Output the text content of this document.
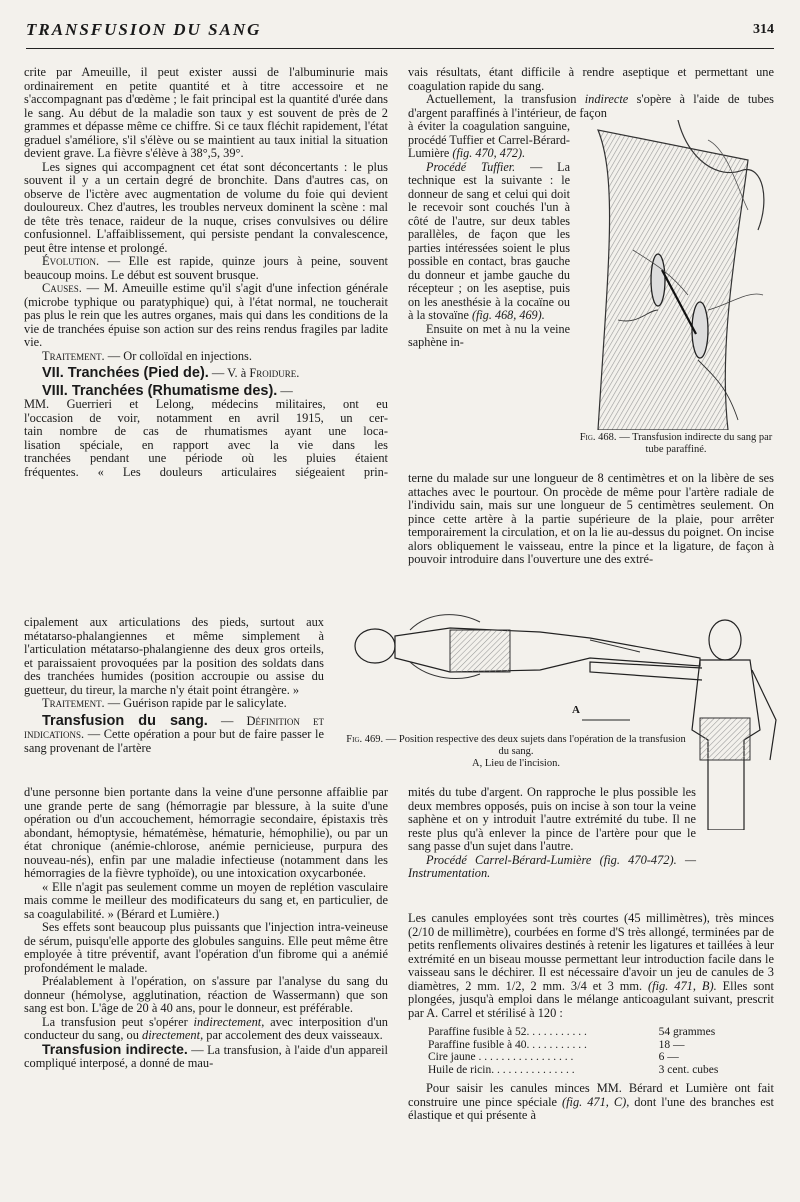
TRANSFUSION DU SANG	314

crite par Ameuille, il peut exister aussi de l'albuminurie mais ordinairement en petite quantité et à titre accessoire et ne s'accompagnant pas d'œdème ; le fait principal est la quantité d'urée dans le sang. Au début de la maladie son taux y est souvent de près de 2 grammes et dépasse même ce chiffre. Si ce taux fléchit rapidement, l'état graduel s'améliore, s'il s'élève ou se maintient au taux initial la situation devient grave. La fièvre s'élève à 38°,5, 39°.

Les signes qui accompagnent cet état sont déconcertants : le plus souvent il y a un certain degré de bronchite. Dans d'autres cas, on observe de l'ictère avec augmentation de volume du foie qui devient douloureux. Chez d'autres, les troubles nerveux dominent la scène : mal de tête très tenace, raideur de la nuque, crises convulsives ou délire confusionnel. L'affaiblissement, qui persiste pendant la convalescence, peut être intense et prolongé.

Évolution. — Elle est rapide, quinze jours à peine, souvent beaucoup moins. Le début est souvent brusque.

Causes. — M. Ameuille estime qu'il s'agit d'une infection générale (microbe typhique ou paratyphique) qui, à l'état normal, ne toucherait pas plus le rein que les autres organes, mais qui dans les conditions de la vie de tranchées épuise son action sur des reins rendus fragiles par ladite vie.

Traitement. — Or colloïdal en injections.

VII. Tranchées (Pied de). — V. à Froidure.

VIII. Tranchées (Rhumatisme des). —

MM. Guerrieri et Lelong, médecins militaires, ont eu
l'occasion de voir, notamment en avril 1915, un cer-
tain nombre de cas de rhumatismes ayant une loca-
lisation spéciale, en rapport avec la vie dans les
tranchées pendant une période où les pluies étaient
fréquentes. « Les douleurs articulaires siégeaient prin-

cipalement aux articulations des pieds, surtout aux métatarso-phalangiennes et même simplement à l'articulation métatarso-phalangienne des deux gros orteils, et paraissaient provoquées par la position des soldats dans des tranchées humides (position accroupie ou assise du guetteur, du tireur, la marche n'y était point étrangère. »

Traitement. — Guérison rapide par le salicylate.

Transfusion du sang. — Définition et indications. — Cette opération a pour but de faire passer le sang provenant de l'artère

d'une personne bien portante dans la veine d'une personne affaiblie par une grande perte de sang (hémorragie par blessure, à la suite d'une opération ou d'un accouchement, hémorragie secondaire, épistaxis très abondant, hémoptysie, hématémèse, hématurie, hémophilie), ou par un état chronique (anémie-chlorose, anémie pernicieuse, purpura des nouveau-nés), enfin par une maladie infectieuse (notamment dans les hémorragies de la fièvre typhoïde), ou une intoxication oxycarbonée.

« Elle n'agit pas seulement comme un moyen de replétion vasculaire mais comme le meilleur des modificateurs du sang et, en particulier, de sa coagulabilité. » (Bérard et Lumière.)

Ses effets sont beaucoup plus puissants que l'injection intra-veineuse de sérum, puisqu'elle apporte des globules sanguins. Elle peut même être employée à titre préventif, avant l'opération d'un fibrome qui a anémié profondément le malade.

Préalablement à l'opération, on s'assure par l'analyse du sang du donneur (hémolyse, agglutination, réaction de Wassermann) que son sang est bon. L'âge de 20 à 40 ans, pour le donneur, est préférable.

La transfusion peut s'opérer indirectement, avec interposition d'un conducteur du sang, ou directement, par accolement des deux vaisseaux.

Transfusion indirecte. — La transfusion, à l'aide d'un appareil compliqué interposé, a donné de mau-

vais résultats, étant difficile à rendre aseptique et permettant une coagulation rapide du sang.

Actuellement, la transfusion indirecte s'opère à l'aide de tubes d'argent paraffinés à l'intérieur, de façon

à éviter la coagulation sanguine, procédé Tuffier et Carrel-Bérard-Lumière (fig. 470, 472).

Procédé Tuffier. — La technique est la suivante : le donneur de sang et celui qui doit le recevoir sont couchés l'un à côté de l'autre, sur deux tables parallèles, de façon que les parties intéressées soient le plus possible en contact, bras gauche du donneur et jambe gauche du récepteur ; on les aseptise, puis on les anesthésie à la cocaïne ou à la stovaïne (fig. 468, 469).

Ensuite on met à nu la veine saphène in-

Fig. 468. — Transfusion indirecte du sang par tube paraffiné.

terne du malade sur une longueur de 8 centimètres et on la libère de ses attaches avec le pourtour. On procède de même pour l'artère radiale de l'individu sain, mais sur une longueur de 5 centimètres seulement. On pince cette artère à la partie supérieure de la plaie, pour arrêter temporairement la circulation, et on la lie au-dessus du poignet. On incise alors obliquement le vaisseau, entre la pince et la ligature, de façon à pouvoir introduire dans l'ouverture une des extré-

A
Fig. 469. — Position respective des deux sujets dans l'opération de la transfusion du sang.
A, Lieu de l'incision.

mités du tube d'argent. On rapproche le plus possible les deux membres opposés, puis on incise à son tour la veine saphène et on y introduit l'autre extrémité du tube. Il ne reste plus qu'à enlever la pince de l'artère pour que le sang passe d'un sujet dans l'autre.

Procédé Carrel-Bérard-Lumière (fig. 470-472). — Instrumentation.

Les canules employées sont très courtes (45 millimètres), très minces (2/10 de millimètre), courbées en forme d'S très allongé, terminées par de petits renflements olivaires destinés à retenir les ligatures et taillées à leur extrémité en un biseau mousse permettant leur introduction facile dans le vaisseau sans le déchirer. Il est nécessaire d'avoir un jeu de canules de 3 diamètres, 2 mm. 1/2, 2 mm. 3/4 et 3 mm. (fig. 471, B). Elles sont plongées, jusqu'à emploi dans le mélange anticoagulant suivant, prescrit par A. Carrel et stérilisé à 120 :

Paraffine fusible à 52. . . . . . . . . . .	54 grammes
Paraffine fusible à 40. . . . . . . . . . .	18 —
Cire jaune . . . . . . . . . . . . . . . . .	6 —
Huile de ricin. . . . . . . . . . . . . . .	3 cent. cubes

Pour saisir les canules minces MM. Bérard et Lumière ont fait construire une pince spéciale (fig. 471, C), dont l'une des branches est élastique et qui présente à
